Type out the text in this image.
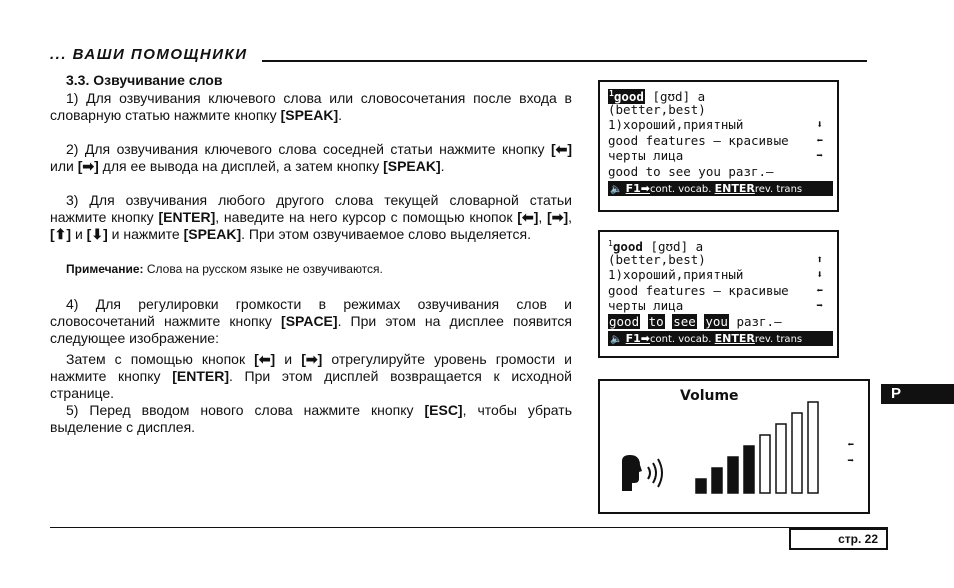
... ВАШИ ПОМОЩНИКИ

3.3. Озвучивание слов

1) Для озвучивания ключевого слова или словосочетания после входа в словарную статью нажмите кнопку [SPEAK].

2) Для озвучивания ключевого слова соседней статьи нажмите кнопку [⬅] или [➡] для ее вывода на дисплей, а затем кнопку [SPEAK].

3) Для озвучивания любого другого слова текущей словарной статьи нажмите кнопку [ENTER], наведите на него курсор с помощью кнопок [⬅], [➡], [⬆] и [⬇] и нажмите [SPEAK]. При этом озвучиваемое слово выделяется.

Примечание: Слова на русском языке не озвучиваются.

4) Для регулировки громкости в режимах озвучивания слов и словосочетаний нажмите кнопку [SPACE]. При этом на дисплее появится следующее изображение:

Затем с помощью кнопок [⬅] и [➡] отрегулируйте уровень громости и нажмите кнопку [ENTER]. При этом дисплей возвращается к исходной странице.

5) Перед вводом нового слова нажмите кнопку [ESC], чтобы убрать выделение с дисплея.

$^1$good [gʊd] a
(better,best)
1)хороший,приятный	⬇
good features – красивые	⬅
черты лица	➡
good to see you разг.–
🔈 F1➡cont. vocab. ENTERrev. trans
$^1$good [gʊd] a
(better,best)	⬆
1)хороший,приятный	⬇
good features – красивые	⬅
черты лица	➡
good to see you разг.–
🔈 F1➡cont. vocab. ENTERrev. trans
Volume
⬅
➡
P
стр. 22
